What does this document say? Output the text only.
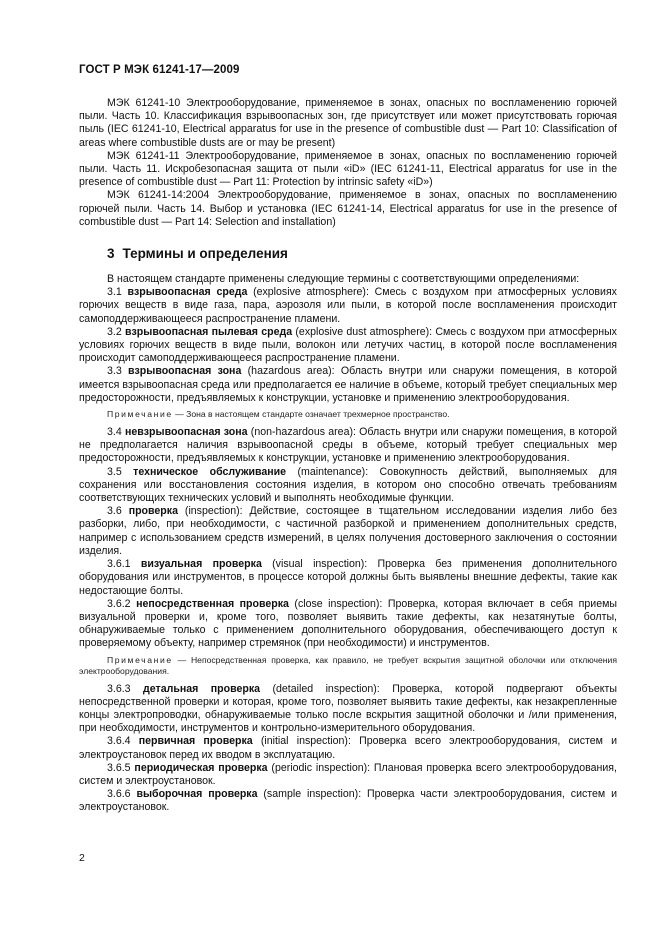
ГОСТ Р МЭК 61241-17—2009

МЭК 61241-10 Электрооборудование, применяемое в зонах, опасных по воспламенению горючей пыли. Часть 10. Классификация взрывоопасных зон, где присутствует или может присутствовать горючая пыль (IEC 61241-10, Electrical apparatus for use in the presence of combustible dust — Part 10: Classification of areas where combustible dusts are or may be present)

МЭК 61241-11 Электрооборудование, применяемое в зонах, опасных по воспламенению горючей пыли. Часть 11. Искробезопасная защита от пыли «iD» (IEC 61241-11, Electrical apparatus for use in the presence of combustible dust — Part 11: Protection by intrinsic safety «iD»)

МЭК 61241-14:2004 Электрооборудование, применяемое в зонах, опасных по воспламенению горючей пыли. Часть 14. Выбор и установка (IEC 61241-14, Electrical apparatus for use in the presence of combustible dust — Part 14: Selection and installation)

3 Термины и определения

В настоящем стандарте применены следующие термины с соответствующими определениями:

3.1 взрывоопасная среда (explosive atmosphere): Смесь с воздухом при атмосферных условиях горючих веществ в виде газа, пара, аэрозоля или пыли, в которой после воспламенения происходит самоподдерживающееся распространение пламени.

3.2 взрывоопасная пылевая среда (explosive dust atmosphere): Смесь с воздухом при атмосферных условиях горючих веществ в виде пыли, волокон или летучих частиц, в которой после воспламенения происходит самоподдерживающееся распространение пламени.

3.3 взрывоопасная зона (hazardous area): Область внутри или снаружи помещения, в которой имеется взрывоопасная среда или предполагается ее наличие в объеме, который требует специальных мер предосторожности, предъявляемых к конструкции, установке и применению электрооборудования.

Примечание — Зона в настоящем стандарте означает трехмерное пространство.

3.4 невзрывоопасная зона (non-hazardous area): Область внутри или снаружи помещения, в которой не предполагается наличия взрывоопасной среды в объеме, который требует специальных мер предосторожности, предъявляемых к конструкции, установке и применению электрооборудования.

3.5 техническое обслуживание (maintenance): Совокупность действий, выполняемых для сохранения или восстановления состояния изделия, в котором оно способно отвечать требованиям соответствующих технических условий и выполнять необходимые функции.

3.6 проверка (inspection): Действие, состоящее в тщательном исследовании изделия либо без разборки, либо, при необходимости, с частичной разборкой и применением дополнительных средств, например с использованием средств измерений, в целях получения достоверного заключения о состоянии изделия.

3.6.1 визуальная проверка (visual inspection): Проверка без применения дополнительного оборудования или инструментов, в процессе которой должны быть выявлены внешние дефекты, такие как недостающие болты.

3.6.2 непосредственная проверка (close inspection): Проверка, которая включает в себя приемы визуальной проверки и, кроме того, позволяет выявить такие дефекты, как незатянутые болты, обнаруживаемые только с применением дополнительного оборудования, обеспечивающего доступ к проверяемому объекту, например стремянок (при необходимости) и инструментов.

Примечание — Непосредственная проверка, как правило, не требует вскрытия защитной оболочки или отключения электрооборудования.

3.6.3 детальная проверка (detailed inspection): Проверка, которой подвергают объекты непосредственной проверки и которая, кроме того, позволяет выявить такие дефекты, как незакрепленные концы электропроводки, обнаруживаемые только после вскрытия защитной оболочки и /или применения, при необходимости, инструментов и контрольно-измерительного оборудования.

3.6.4 первичная проверка (initial inspection): Проверка всего электрооборудования, систем и электроустановок перед их вводом в эксплуатацию.

3.6.5 периодическая проверка (periodic inspection): Плановая проверка всего электрооборудования, систем и электроустановок.

3.6.6 выборочная проверка (sample inspection): Проверка части электрооборудования, систем и электроустановок.

2
